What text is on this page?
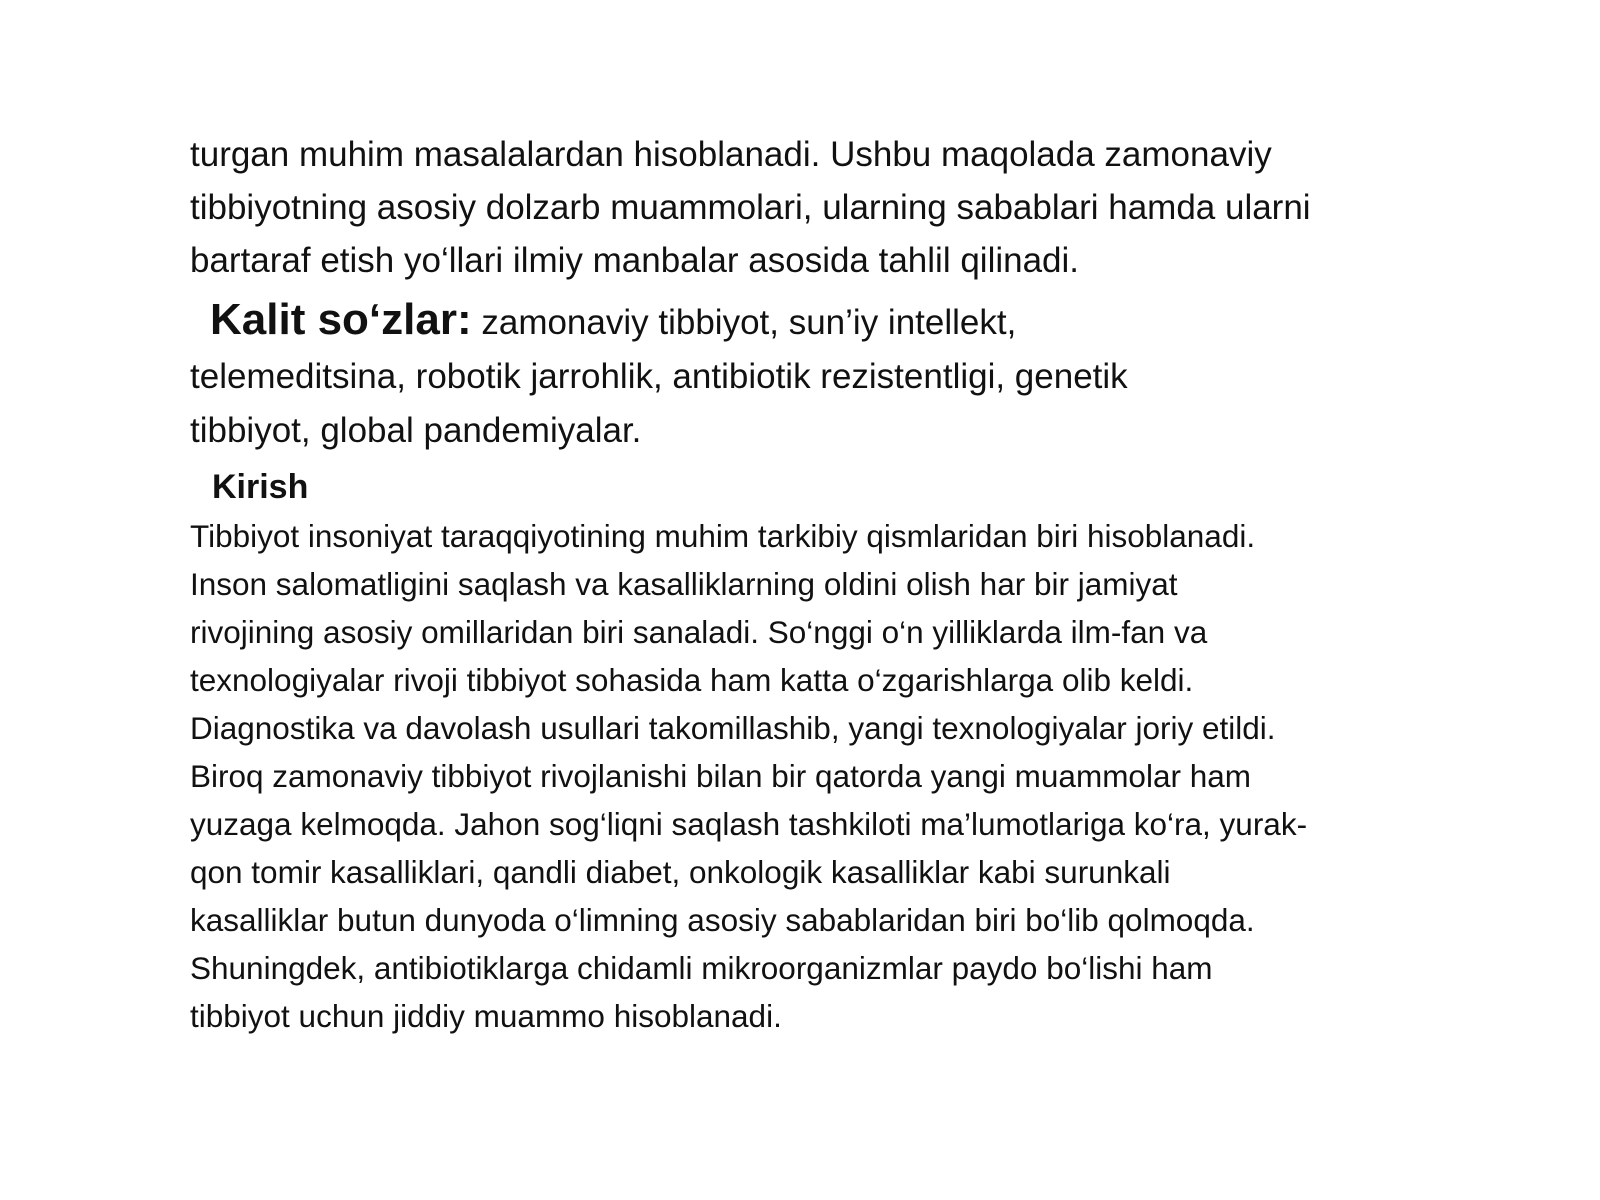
turgan muhim masalalardan hisoblanadi. Ushbu maqolada zamonaviy
tibbiyotning asosiy dolzarb muammolari, ularning sabablari hamda ularni
bartaraf etish yo‘llari ilmiy manbalar asosida tahlil qilinadi.
Kalit so‘zlar: zamonaviy tibbiyot, sun’iy intellekt,
telemeditsina, robotik jarrohlik, antibiotik rezistentligi, genetik
tibbiyot, global pandemiyalar.
Kirish
Tibbiyot insoniyat taraqqiyotining muhim tarkibiy qismlaridan biri hisoblanadi.
Inson salomatligini saqlash va kasalliklarning oldini olish har bir jamiyat
rivojining asosiy omillaridan biri sanaladi. So‘nggi o‘n yilliklarda ilm-fan va
texnologiyalar rivoji tibbiyot sohasida ham katta o‘zgarishlarga olib keldi.
Diagnostika va davolash usullari takomillashib, yangi texnologiyalar joriy etildi.
Biroq zamonaviy tibbiyot rivojlanishi bilan bir qatorda yangi muammolar ham
yuzaga kelmoqda. Jahon sog‘liqni saqlash tashkiloti ma’lumotlariga ko‘ra, yurak-
qon tomir kasalliklari, qandli diabet, onkologik kasalliklar kabi surunkali
kasalliklar butun dunyoda o‘limning asosiy sabablaridan biri bo‘lib qolmoqda.
Shuningdek, antibiotiklarga chidamli mikroorganizmlar paydo bo‘lishi ham
tibbiyot uchun jiddiy muammo hisoblanadi.
